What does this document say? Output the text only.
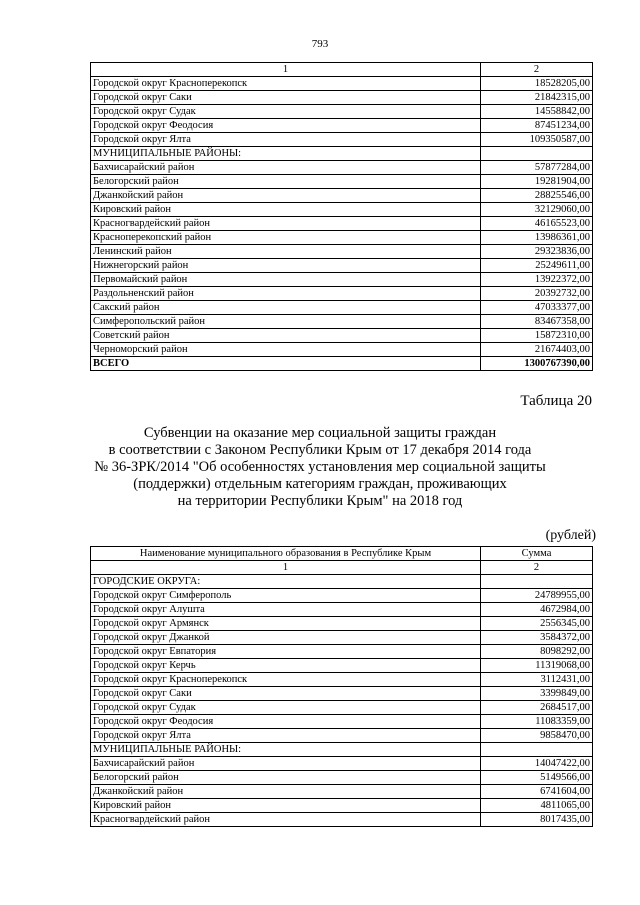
793
1	2
Городской округ Красноперекопск	18528205,00
Городской округ Саки	21842315,00
Городской округ Судак	14558842,00
Городской округ Феодосия	87451234,00
Городской округ Ялта	109350587,00
МУНИЦИПАЛЬНЫЕ РАЙОНЫ:	
Бахчисарайский район	57877284,00
Белогорский район	19281904,00
Джанкойский район	28825546,00
Кировский район	32129060,00
Красногвардейский район	46165523,00
Красноперекопский район	13986361,00
Ленинский район	29323836,00
Нижнегорский район	25249611,00
Первомайский район	13922372,00
Раздольненский район	20392732,00
Сакский район	47033377,00
Симферопольский район	83467358,00
Советский район	15872310,00
Черноморский район	21674403,00
ВСЕГО	1300767390,00
Таблица 20
Субвенции на оказание мер социальной защиты граждан
в соответствии с Законом Республики Крым от 17 декабря 2014 года
№ 36-ЗРК/2014 "Об особенностях установления мер социальной защиты
(поддержки) отдельным категориям граждан, проживающих
на территории Республики Крым" на 2018 год
(рублей)
Наименование муниципального образования в Республике Крым	Сумма
1	2
ГОРОДСКИЕ ОКРУГА:	
Городской округ Симферополь	24789955,00
Городской округ Алушта	4672984,00
Городской округ Армянск	2556345,00
Городской округ Джанкой	3584372,00
Городской округ Евпатория	8098292,00
Городской округ Керчь	11319068,00
Городской округ Красноперекопск	3112431,00
Городской округ Саки	3399849,00
Городской округ Судак	2684517,00
Городской округ Феодосия	11083359,00
Городской округ Ялта	9858470,00
МУНИЦИПАЛЬНЫЕ РАЙОНЫ:	
Бахчисарайский район	14047422,00
Белогорский район	5149566,00
Джанкойский район	6741604,00
Кировский район	4811065,00
Красногвардейский район	8017435,00
